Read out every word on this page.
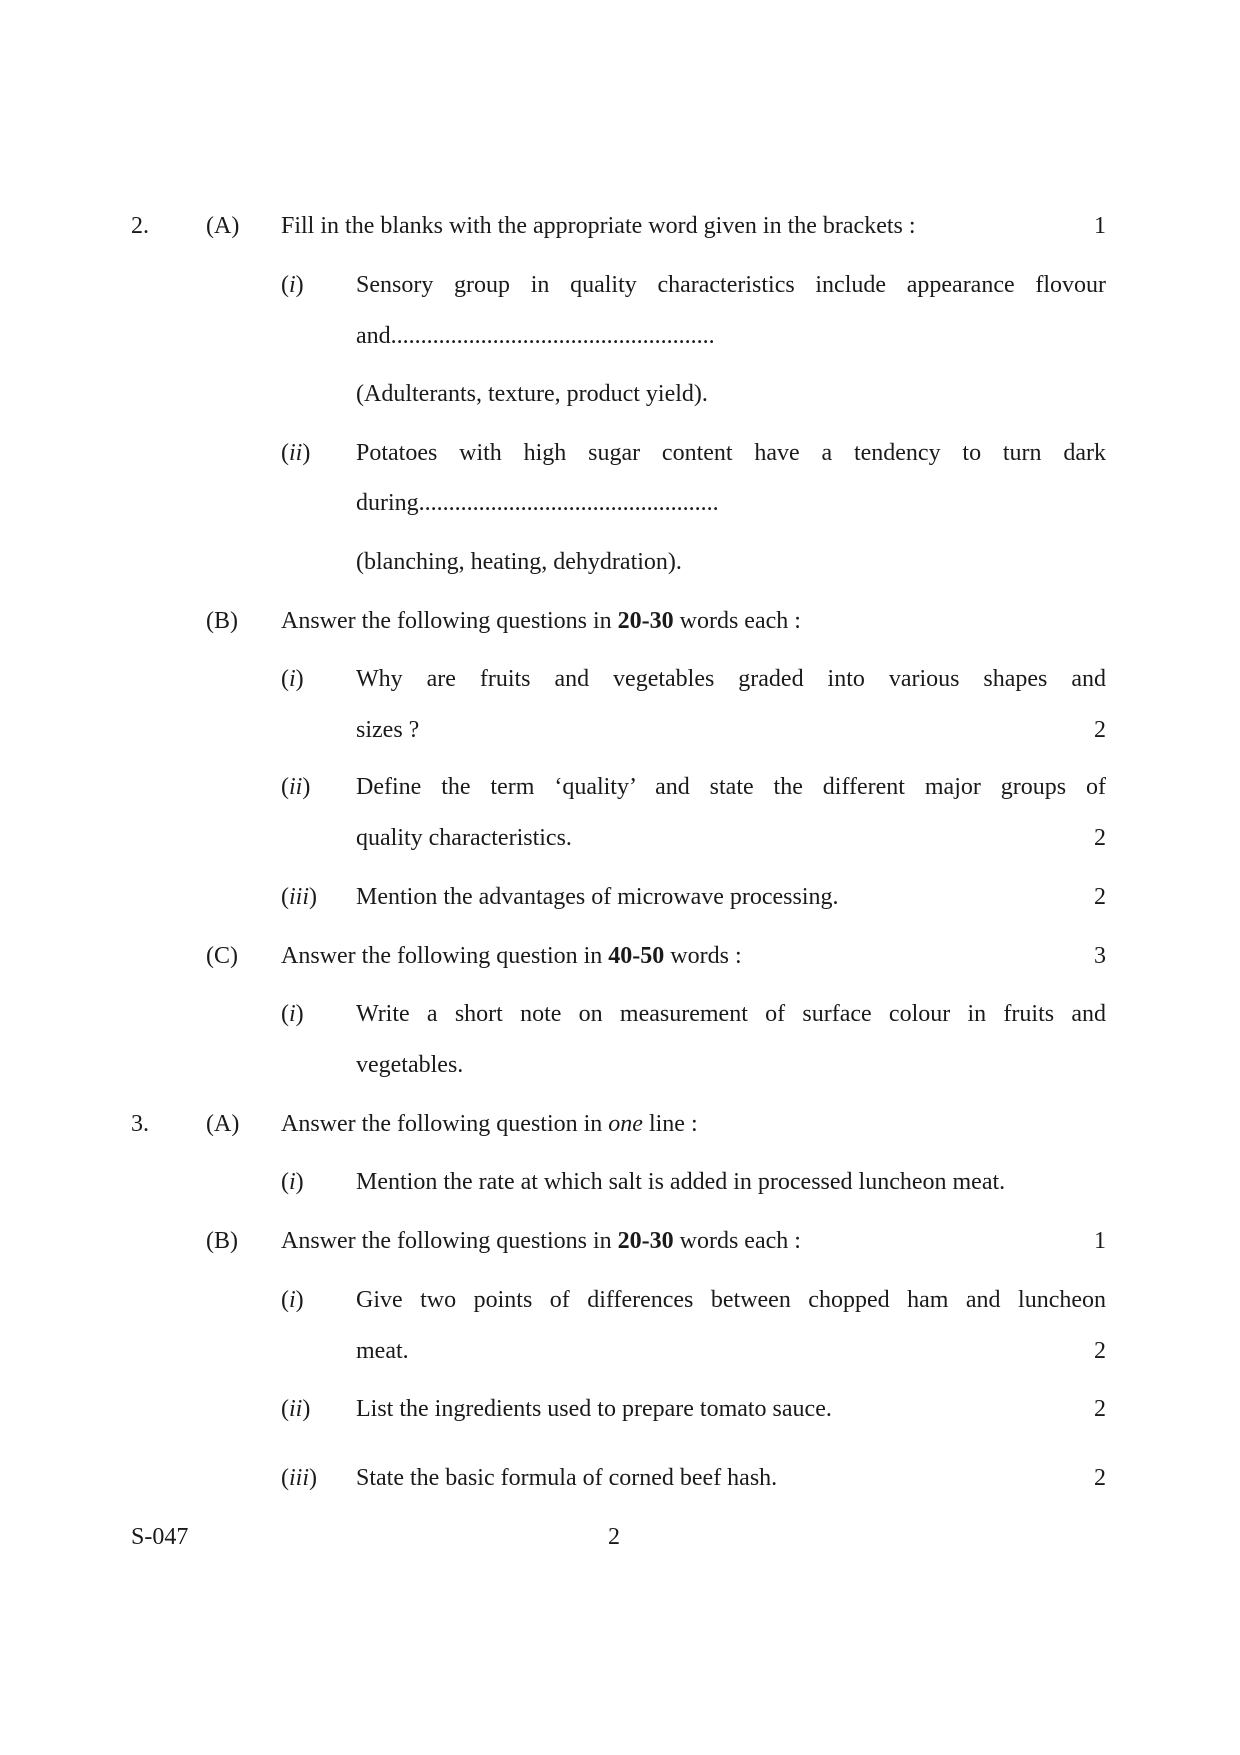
2. (A) Fill in the blanks with the appropriate word given in the brackets :	1
(i) Sensory group in quality characteristics include appearance flovour
and......................................................
(Adulterants, texture, product yield).
(ii) Potatoes with high sugar content have a tendency to turn dark
during..................................................
(blanching, heating, dehydration).
(B) Answer the following questions in 20-30 words each :
(i) Why are fruits and vegetables graded into various shapes and
sizes ?	2
(ii) Define the term ‘quality’ and state the different major groups of
quality characteristics.	2
(iii) Mention the advantages of microwave processing.	2
(C) Answer the following question in 40-50 words :	3
(i) Write a short note on measurement of surface colour in fruits and
vegetables.
3. (A) Answer the following question in one line :
(i) Mention the rate at which salt is added in processed luncheon meat.
(B) Answer the following questions in 20-30 words each :	1
(i) Give two points of differences between chopped ham and luncheon
meat.	2
(ii) List the ingredients used to prepare tomato sauce.	2
(iii) State the basic formula of corned beef hash.	2
S-047	2
